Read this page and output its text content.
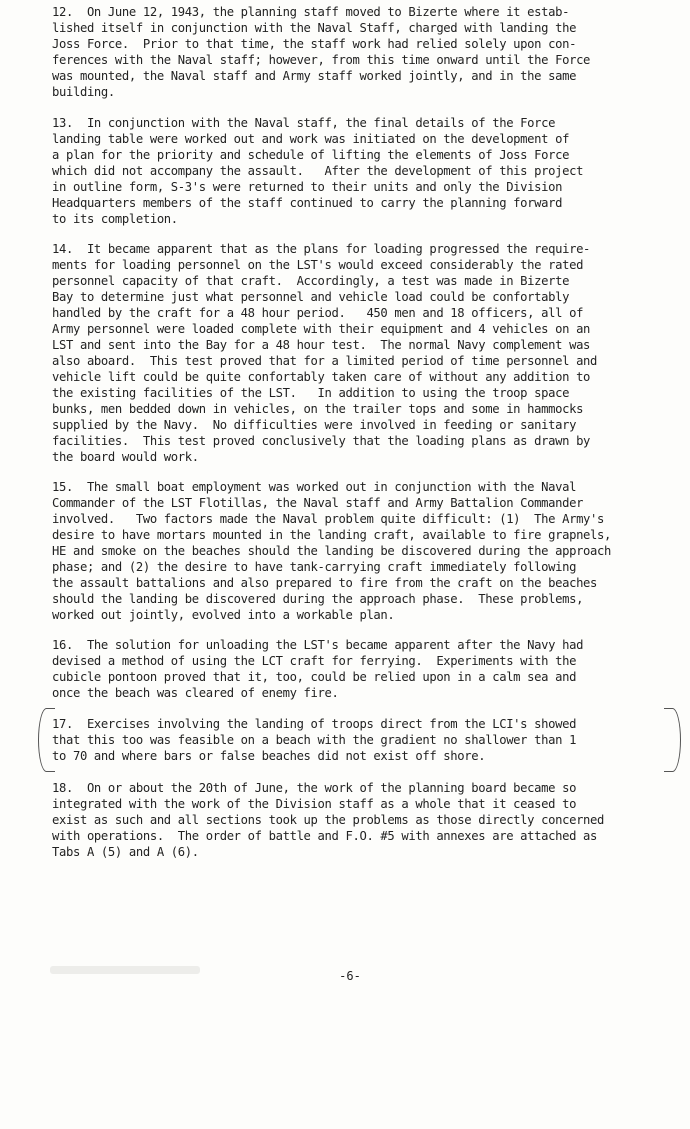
12.  On June 12, 1943, the planning staff moved to Bizerte where it estab-
lished itself in conjunction with the Naval Staff, charged with landing the
Joss Force.  Prior to that time, the staff work had relied solely upon con-
ferences with the Naval staff; however, from this time onward until the Force
was mounted, the Naval staff and Army staff worked jointly, and in the same
building.
13.  In conjunction with the Naval staff, the final details of the Force
landing table were worked out and work was initiated on the development of
a plan for the priority and schedule of lifting the elements of Joss Force
which did not accompany the assault.   After the development of this project
in outline form, S-3's were returned to their units and only the Division
Headquarters members of the staff continued to carry the planning forward
to its completion.
14.  It became apparent that as the plans for loading progressed the require-
ments for loading personnel on the LST's would exceed considerably the rated
personnel capacity of that craft.  Accordingly, a test was made in Bizerte
Bay to determine just what personnel and vehicle load could be confortably
handled by the craft for a 48 hour period.   450 men and 18 officers, all of
Army personnel were loaded complete with their equipment and 4 vehicles on an
LST and sent into the Bay for a 48 hour test.  The normal Navy complement was
also aboard.  This test proved that for a limited period of time personnel and
vehicle lift could be quite confortably taken care of without any addition to
the existing facilities of the LST.   In addition to using the troop space
bunks, men bedded down in vehicles, on the trailer tops and some in hammocks
supplied by the Navy.  No difficulties were involved in feeding or sanitary
facilities.  This test proved conclusively that the loading plans as drawn by
the board would work.
15.  The small boat employment was worked out in conjunction with the Naval
Commander of the LST Flotillas, the Naval staff and Army Battalion Commander
involved.   Two factors made the Naval problem quite difficult: (1)  The Army's
desire to have mortars mounted in the landing craft, available to fire grapnels,
HE and smoke on the beaches should the landing be discovered during the approach
phase; and (2) the desire to have tank-carrying craft immediately following
the assault battalions and also prepared to fire from the craft on the beaches
should the landing be discovered during the approach phase.  These problems,
worked out jointly, evolved into a workable plan.
16.  The solution for unloading the LST's became apparent after the Navy had
devised a method of using the LCT craft for ferrying.  Experiments with the
cubicle pontoon proved that it, too, could be relied upon in a calm sea and
once the beach was cleared of enemy fire.
17.  Exercises involving the landing of troops direct from the LCI's showed
that this too was feasible on a beach with the gradient no shallower than 1
to 70 and where bars or false beaches did not exist off shore.
18.  On or about the 20th of June, the work of the planning board became so
integrated with the work of the Division staff as a whole that it ceased to
exist as such and all sections took up the problems as those directly concerned
with operations.  The order of battle and F.O. #5 with annexes are attached as
Tabs A (5) and A (6).
-6-
